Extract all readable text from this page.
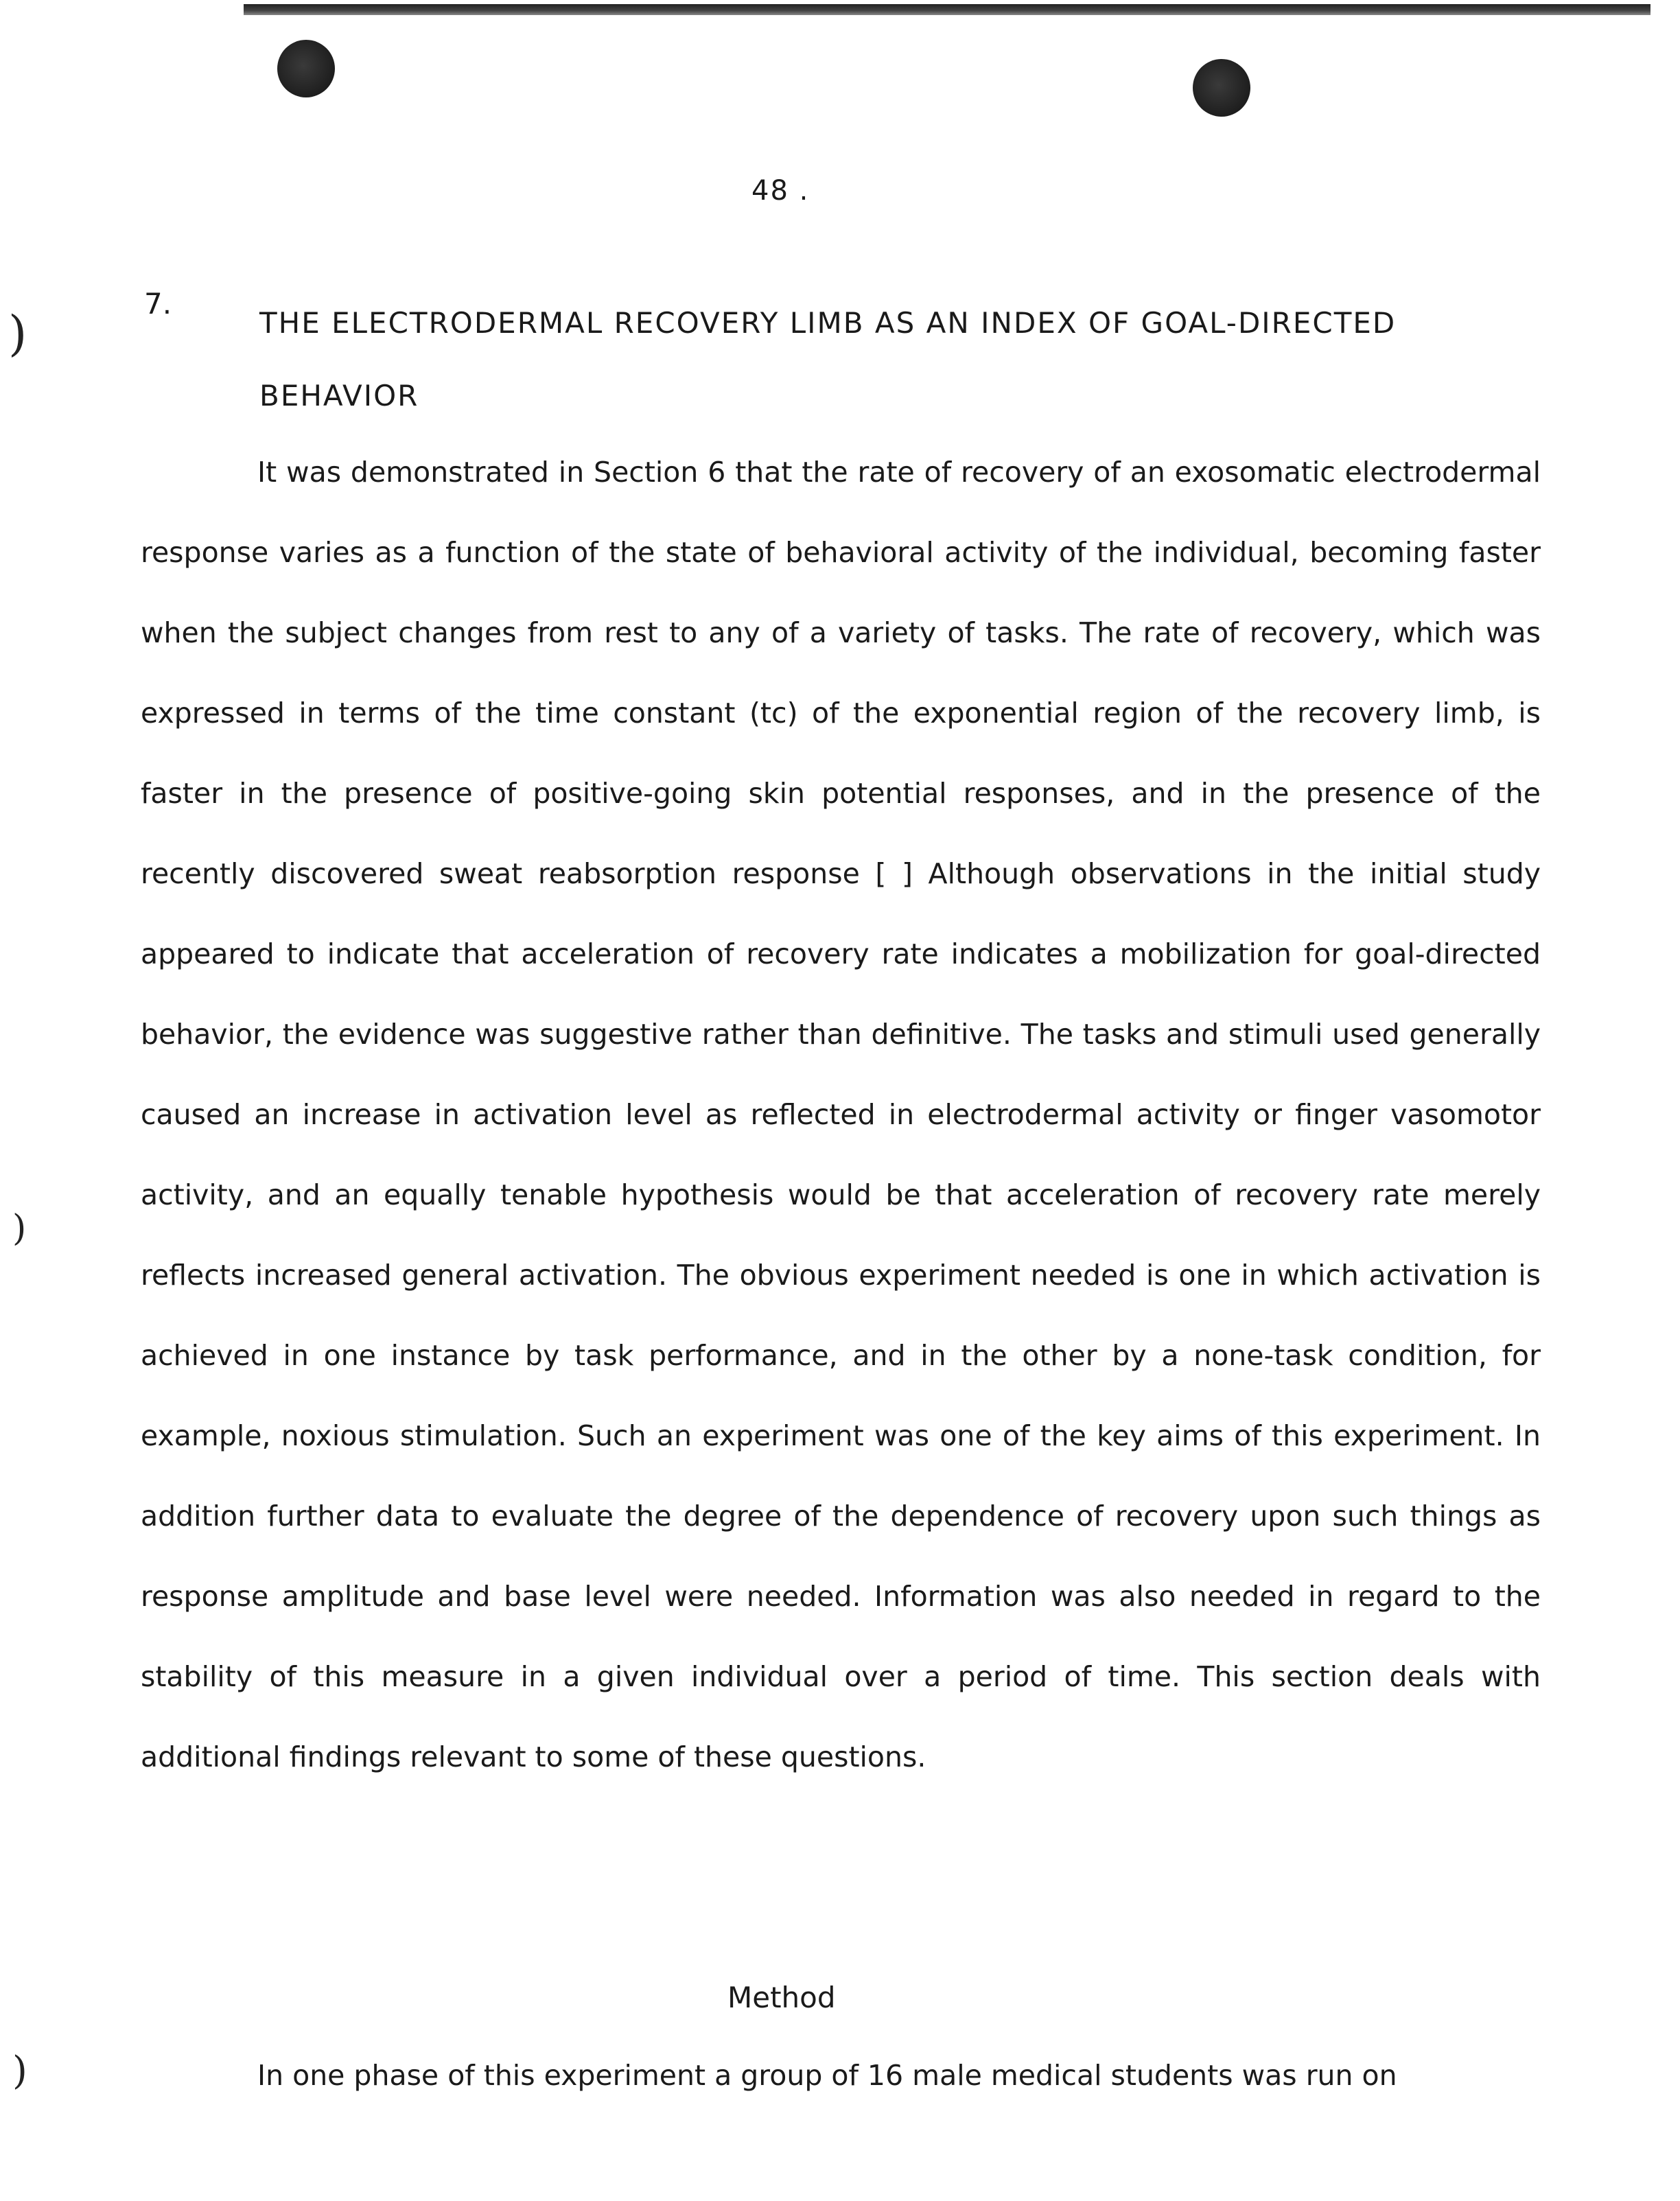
)
)
)
48 .
7.
THE ELECTRODERMAL RECOVERY LIMB AS AN INDEX OF GOAL-DIRECTED BEHAVIOR

It was demonstrated in Section 6 that the rate of recovery of an exosomatic electrodermal response varies as a function of the state of behavioral activity of the individual, becoming faster when the subject changes from rest to any of a variety of tasks. The rate of recovery, which was expressed in terms of the time constant (tc) of the exponential region of the recovery limb, is faster in the presence of positive-going skin potential responses, and in the presence of the recently discovered sweat reabsorption response [ ] Although observations in the initial study appeared to indicate that acceleration of recovery rate indicates a mobilization for goal-directed behavior, the evidence was suggestive rather than definitive. The tasks and stimuli used generally caused an increase in activation level as reflected in electrodermal activity or finger vasomotor activity, and an equally tenable hypothesis would be that acceleration of recovery rate merely reflects increased general activation. The obvious experiment needed is one in which activation is achieved in one instance by task performance, and in the other by a none-task condition, for example, noxious stimulation. Such an experiment was one of the key aims of this experiment. In addition further data to evaluate the degree of the dependence of recovery upon such things as response amplitude and base level were needed. Information was also needed in regard to the stability of this measure in a given individual over a period of time. This section deals with additional findings relevant to some of these questions.

Method

In one phase of this experiment a group of 16 male medical students was run on
